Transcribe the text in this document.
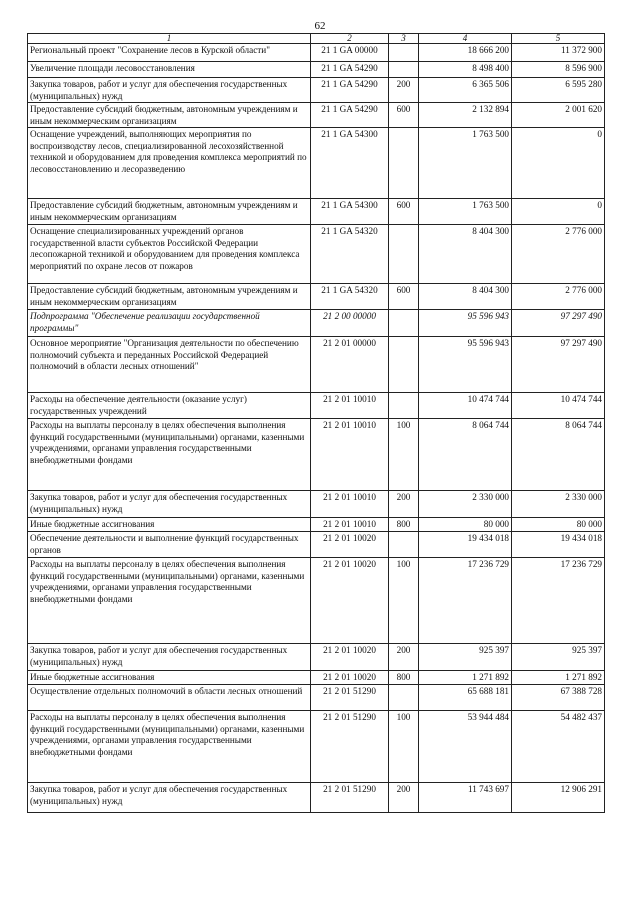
62
1	2	3	4	5
Региональный проект "Сохранение лесов в Курской области"	21 1 GA 00000		18 666 200	11 372 900
Увеличение площади лесовосстановления	21 1 GA 54290		8 498 400	8 596 900
Закупка товаров, работ и услуг для обеспечения государственных (муниципальных) нужд	21 1 GA 54290	200	6 365 506	6 595 280
Предоставление субсидий бюджетным, автономным учреждениям и иным некоммерческим организациям	21 1 GA 54290	600	2 132 894	2 001 620
Оснащение учреждений, выполняющих мероприятия по воспроизводству лесов, специализированной лесохозяйственной техникой и оборудованием для проведения комплекса мероприятий по лесовосстановлению и лесоразведению	21 1 GA 54300		1 763 500	0
Предоставление субсидий бюджетным, автономным учреждениям и иным некоммерческим организациям	21 1 GA 54300	600	1 763 500	0
Оснащение специализированных учреждений органов государственной власти субъектов Российской Федерации лесопожарной техникой и оборудованием для проведения комплекса мероприятий по охране лесов от пожаров	21 1 GA 54320		8 404 300	2 776 000
Предоставление субсидий бюджетным, автономным учреждениям и иным некоммерческим организациям	21 1 GA 54320	600	8 404 300	2 776 000
Подпрограмма "Обеспечение реализации государственной программы"	21 2 00 00000		95 596 943	97 297 490
Основное мероприятие "Организация деятельности по обеспечению полномочий субъекта и переданных Российской Федерацией полномочий в области лесных отношений"	21 2 01 00000		95 596 943	97 297 490
Расходы на обеспечение деятельности (оказание услуг) государственных учреждений	21 2 01 10010		10 474 744	10 474 744
Расходы на выплаты персоналу в целях обеспечения выполнения функций государственными (муниципальными) органами, казенными учреждениями, органами управления государственными внебюджетными фондами	21 2 01 10010	100	8 064 744	8 064 744
Закупка товаров, работ и услуг для обеспечения государственных (муниципальных) нужд	21 2 01 10010	200	2 330 000	2 330 000
Иные бюджетные ассигнования	21 2 01 10010	800	80 000	80 000
Обеспечение деятельности и выполнение функций государственных органов	21 2 01 10020		19 434 018	19 434 018
Расходы на выплаты персоналу в целях обеспечения выполнения функций государственными (муниципальными) органами, казенными учреждениями, органами управления государственными внебюджетными фондами	21 2 01 10020	100	17 236 729	17 236 729
Закупка товаров, работ и услуг для обеспечения государственных (муниципальных) нужд	21 2 01 10020	200	925 397	925 397
Иные бюджетные ассигнования	21 2 01 10020	800	1 271 892	1 271 892
Осуществление отдельных полномочий в области лесных отношений	21 2 01 51290		65 688 181	67 388 728
Расходы на выплаты персоналу в целях обеспечения выполнения функций государственными (муниципальными) органами, казенными учреждениями, органами управления государственными внебюджетными фондами	21 2 01 51290	100	53 944 484	54 482 437
Закупка товаров, работ и услуг для обеспечения государственных (муниципальных) нужд	21 2 01 51290	200	11 743 697	12 906 291
